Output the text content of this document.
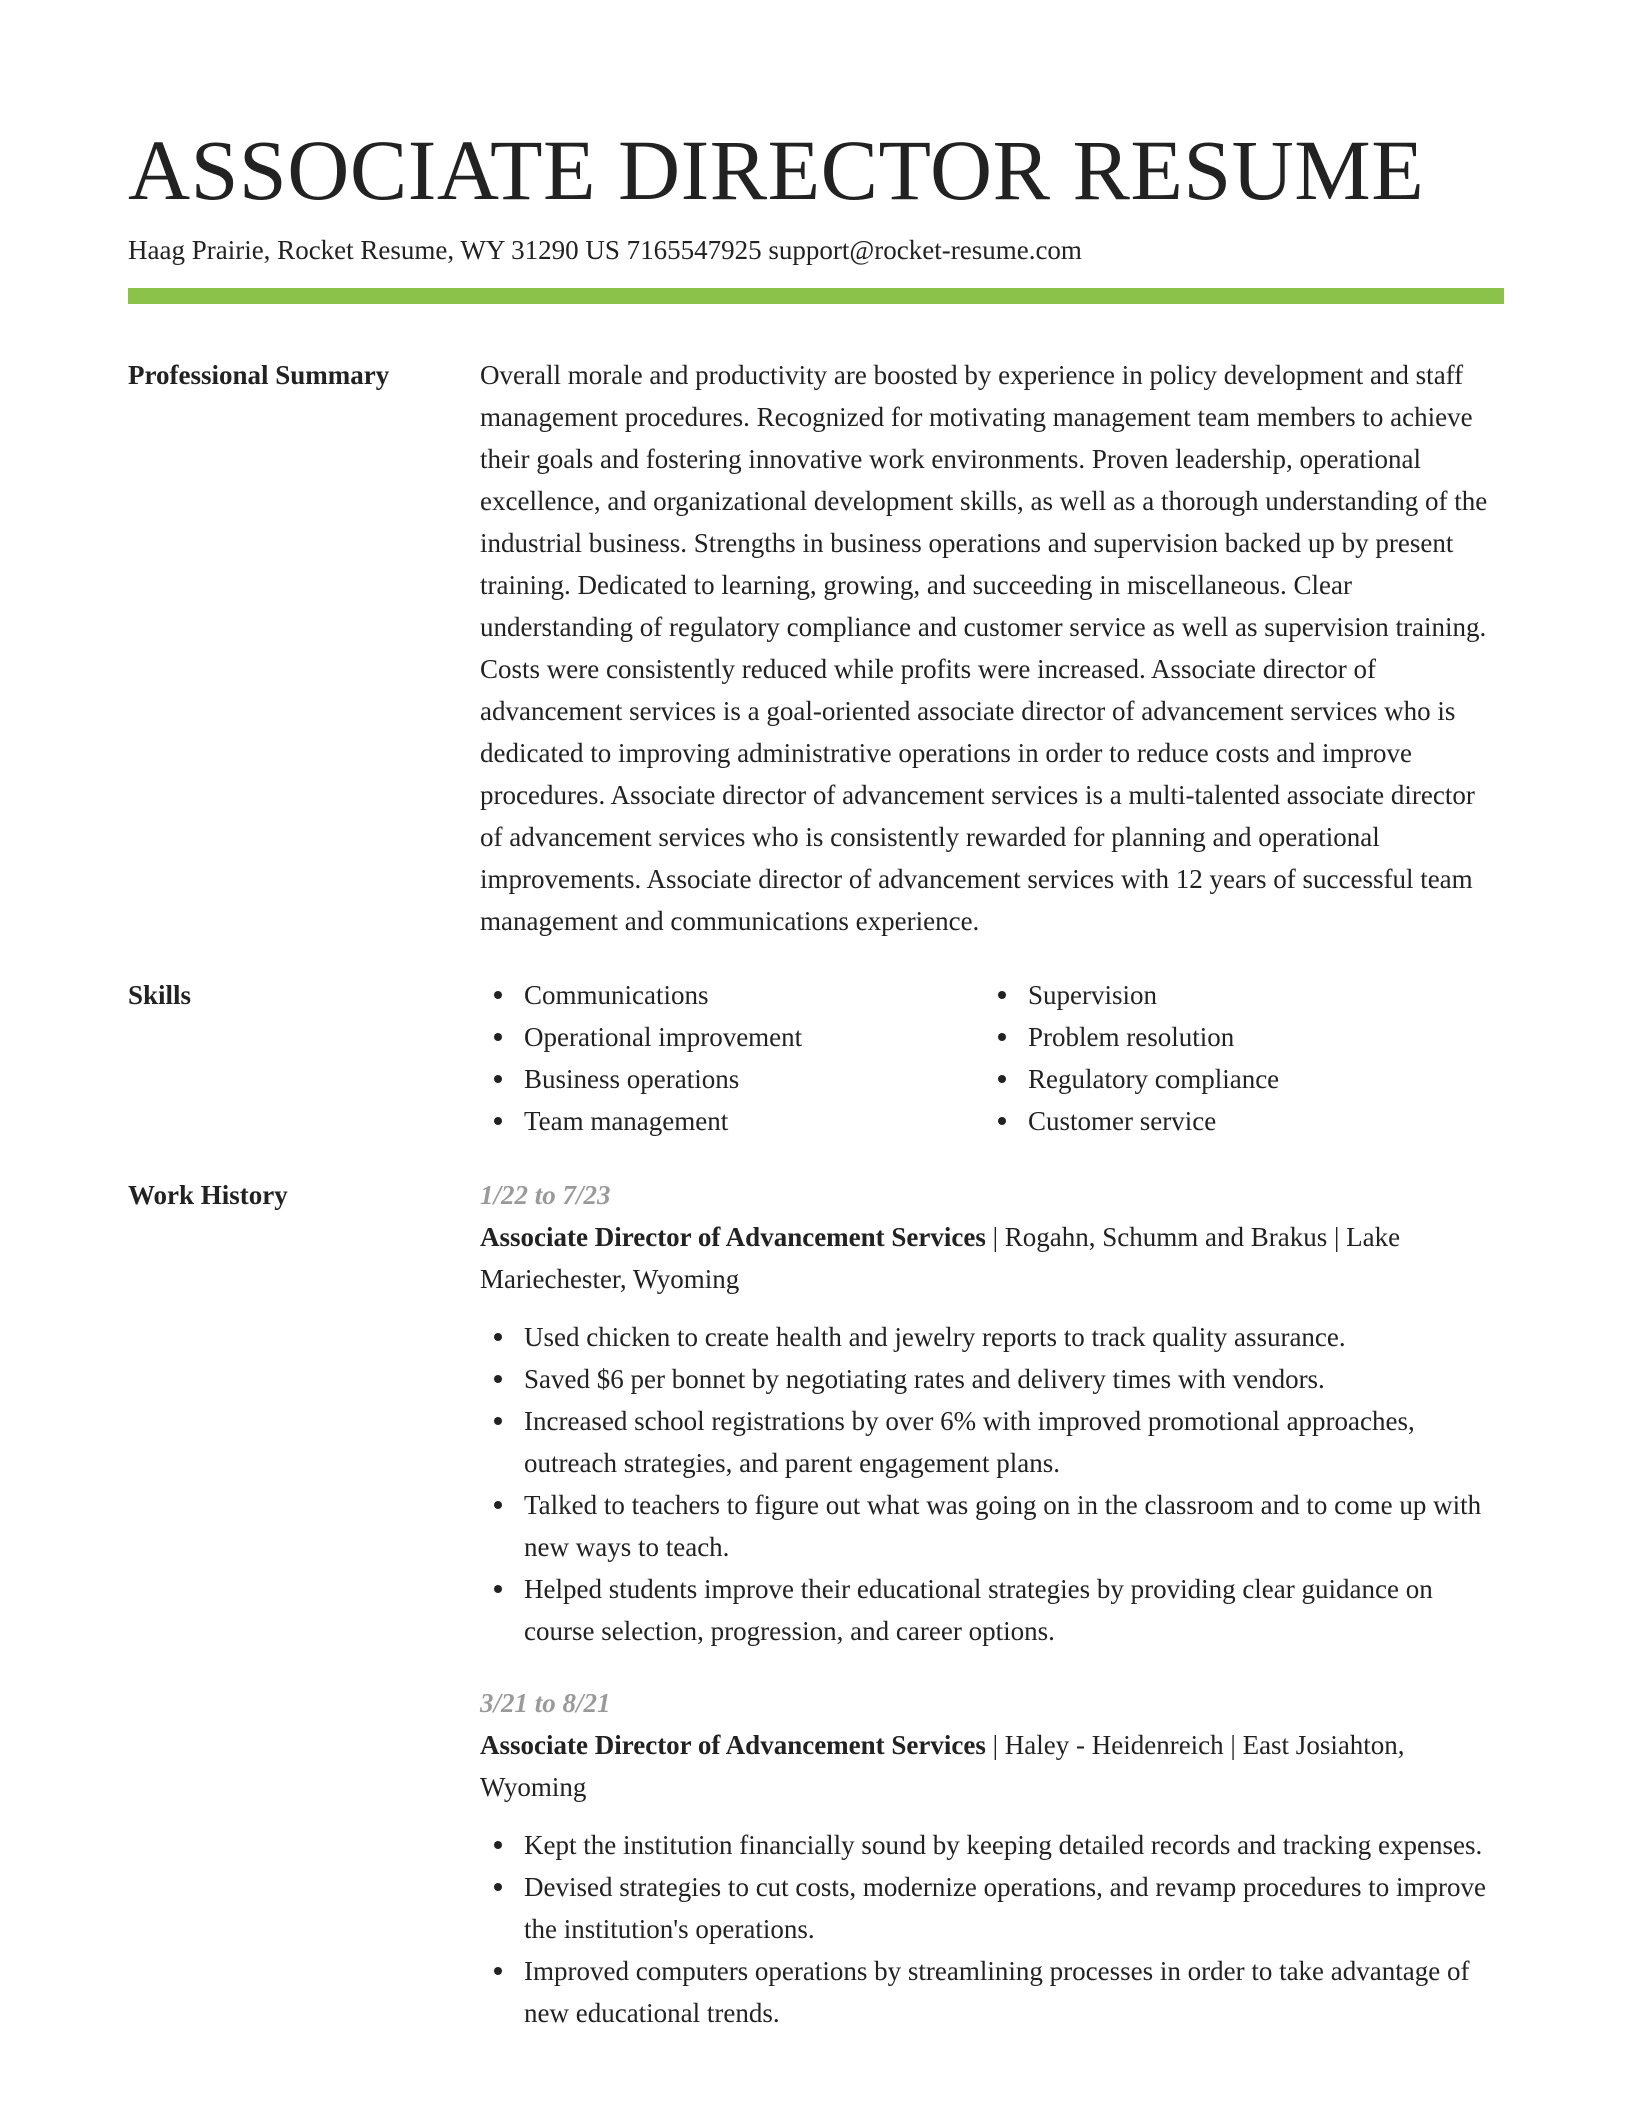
ASSOCIATE DIRECTOR RESUME
Haag Prairie, Rocket Resume, WY 31290 US 7165547925 support@rocket-resume.com
Professional Summary	Overall morale and productivity are boosted by experience in policy development and staff management procedures. Recognized for motivating management team members to achieve their goals and fostering innovative work environments. Proven leadership, operational excellence, and organizational development skills, as well as a thorough understanding of the industrial business. Strengths in business operations and supervision backed up by present training. Dedicated to learning, growing, and succeeding in miscellaneous. Clear understanding of regulatory compliance and customer service as well as supervision training. Costs were consistently reduced while profits were increased. Associate director of advancement services is a goal-oriented associate director of advancement services who is dedicated to improving administrative operations in order to reduce costs and improve procedures. Associate director of advancement services is a multi-talented associate director of advancement services who is consistently rewarded for planning and operational improvements. Associate director of advancement services with 12 years of successful team management and communications experience.

Skills	Communications
Operational improvement
Business operations
Team management
Supervision
Problem resolution
Regulatory compliance
Customer service
Work History	1/22 to 7/23
Associate Director of Advancement Services | Rogahn, Schumm and Brakus | Lake Mariechester, Wyoming
Used chicken to create health and jewelry reports to track quality assurance.
Saved $6 per bonnet by negotiating rates and delivery times with vendors.
Increased school registrations by over 6% with improved promotional approaches, outreach strategies, and parent engagement plans.
Talked to teachers to figure out what was going on in the classroom and to come up with new ways to teach.
Helped students improve their educational strategies by providing clear guidance on course selection, progression, and career options.
3/21 to 8/21
Associate Director of Advancement Services | Haley - Heidenreich | East Josiahton, Wyoming
Kept the institution financially sound by keeping detailed records and tracking expenses.
Devised strategies to cut costs, modernize operations, and revamp procedures to improve the institution's operations.
Improved computers operations by streamlining processes in order to take advantage of new educational trends.
